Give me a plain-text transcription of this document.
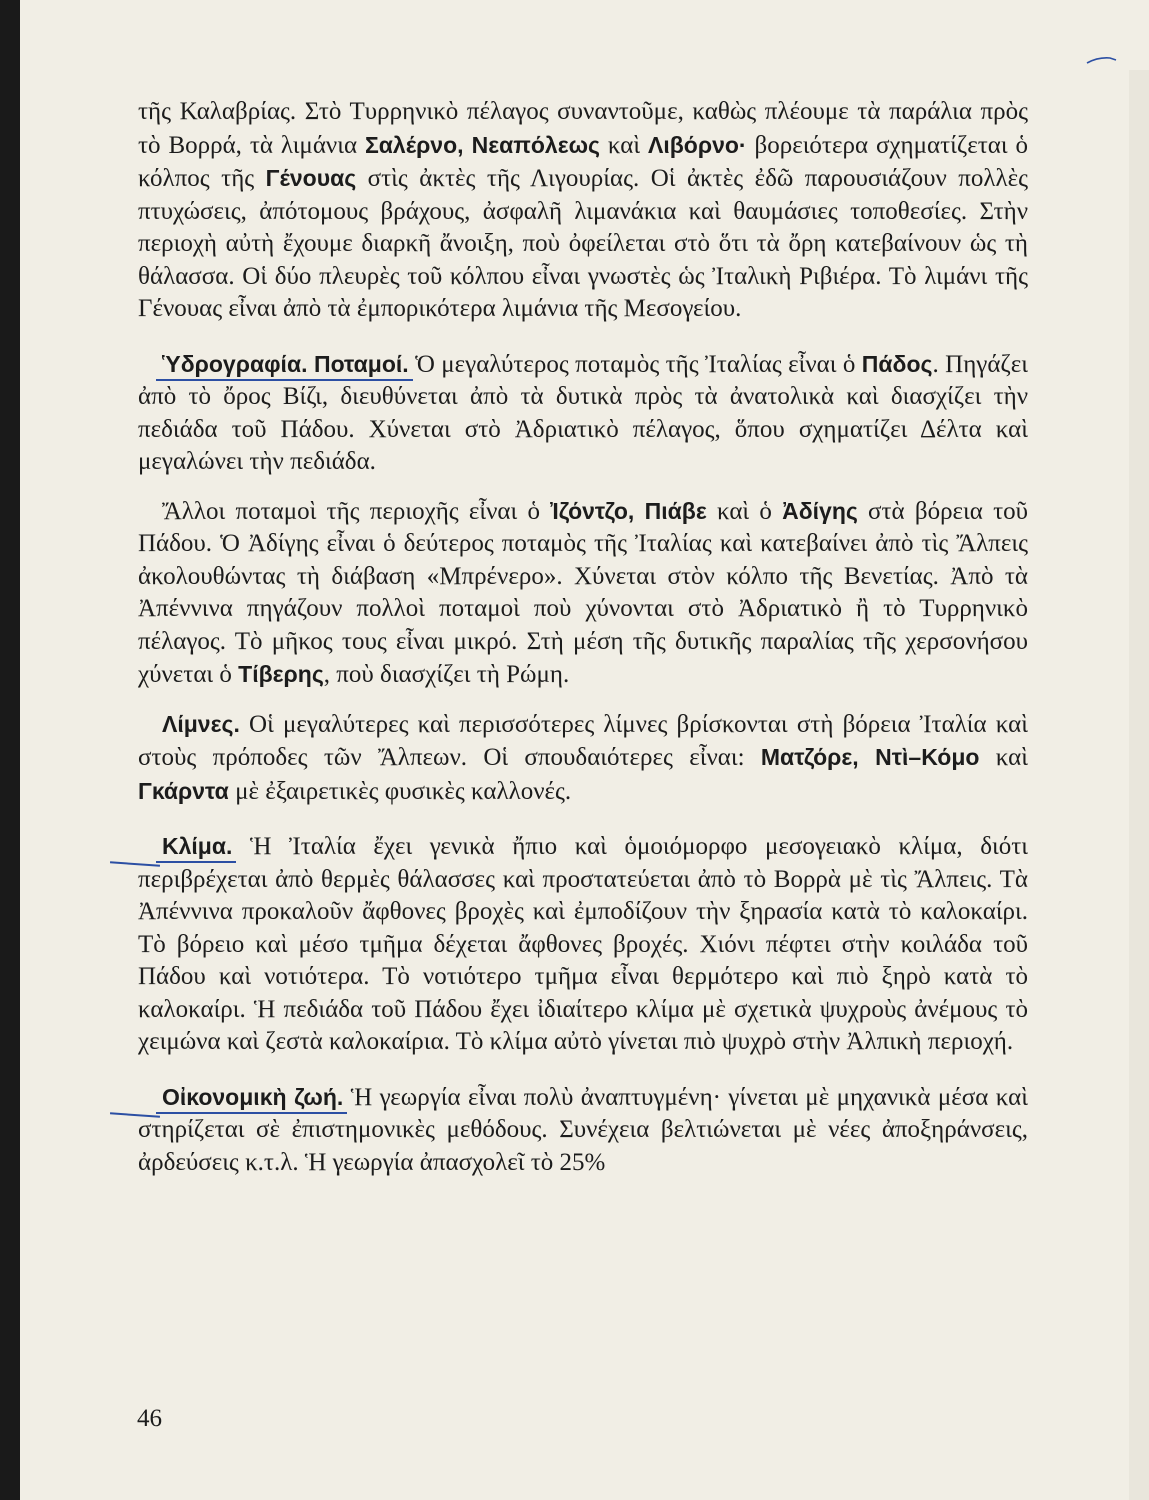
τῆς Καλαβρίας. Στὸ Τυρρηνικὸ πέλαγος συναντοῦμε, καθὼς πλέουμε τὰ παράλια πρὸς τὸ Βορρά, τὰ λιμάνια Σαλέρνο, Νεαπόλεως καὶ Λιβόρνο· βορειότερα σχηματίζεται ὁ κόλπος τῆς Γένουας στὶς ἀκτὲς τῆς Λιγουρίας. Οἱ ἀκτὲς ἐδῶ παρουσιάζουν πολλὲς πτυχώσεις, ἀπότομους βράχους, ἀσφαλῆ λιμανάκια καὶ θαυμάσιες τοποθεσίες. Στὴν περιοχὴ αὐτὴ ἔχουμε διαρκῆ ἄνοιξη, ποὺ ὀφείλεται στὸ ὅτι τὰ ὄρη κατεβαίνουν ὡς τὴ θάλασσα. Οἱ δύο πλευρὲς τοῦ κόλπου εἶναι γνωστὲς ὡς Ἰταλικὴ Ριβιέρα. Τὸ λιμάνι τῆς Γένουας εἶναι ἀπὸ τὰ ἐμπορικότερα λιμάνια τῆς Μεσογείου.

Ὑδρογραφία. Ποταμοί. Ὁ μεγαλύτερος ποταμὸς τῆς Ἰταλίας εἶναι ὁ Πάδος. Πηγάζει ἀπὸ τὸ ὄρος Βίζι, διευθύνεται ἀπὸ τὰ δυτικὰ πρὸς τὰ ἀνατολικὰ καὶ διασχίζει τὴν πεδιάδα τοῦ Πάδου. Χύνεται στὸ Ἀδριατικὸ πέλαγος, ὅπου σχηματίζει Δέλτα καὶ μεγαλώνει τὴν πεδιάδα.

Ἄλλοι ποταμοὶ τῆς περιοχῆς εἶναι ὁ Ἰζόντζο, Πιάβε καὶ ὁ Ἀδίγης στὰ βόρεια τοῦ Πάδου. Ὁ Ἀδίγης εἶναι ὁ δεύτερος ποταμὸς τῆς Ἰταλίας καὶ κατεβαίνει ἀπὸ τὶς Ἄλπεις ἀκολουθώντας τὴ διάβαση «Μπρένερο». Χύνεται στὸν κόλπο τῆς Βενετίας. Ἀπὸ τὰ Ἀπέννινα πηγάζουν πολλοὶ ποταμοὶ ποὺ χύνονται στὸ Ἀδριατικὸ ἢ τὸ Τυρρηνικὸ πέλαγος. Τὸ μῆκος τους εἶναι μικρό. Στὴ μέση τῆς δυτικῆς παραλίας τῆς χερσονήσου χύνεται ὁ Τίβερης, ποὺ διασχίζει τὴ Ρώμη.

Λίμνες. Οἱ μεγαλύτερες καὶ περισσότερες λίμνες βρίσκονται στὴ βόρεια Ἰταλία καὶ στοὺς πρόποδες τῶν Ἄλπεων. Οἱ σπουδαιότερες εἶναι: Ματζόρε, Ντὶ–Κόμο καὶ Γκάρντα μὲ ἐξαιρετικὲς φυσικὲς καλλονές.

Κλίμα. Ἡ Ἰταλία ἔχει γενικὰ ἤπιο καὶ ὁμοιόμορφο μεσογειακὸ κλίμα, διότι περιβρέχεται ἀπὸ θερμὲς θάλασσες καὶ προστατεύεται ἀπὸ τὸ Βορρὰ μὲ τὶς Ἄλπεις. Τὰ Ἀπέννινα προκαλοῦν ἄφθονες βροχὲς καὶ ἐμποδίζουν τὴν ξηρασία κατὰ τὸ καλοκαίρι. Τὸ βόρειο καὶ μέσο τμῆμα δέχεται ἄφθονες βροχές. Χιόνι πέφτει στὴν κοιλάδα τοῦ Πάδου καὶ νοτιότερα. Τὸ νοτιότερο τμῆμα εἶναι θερμότερο καὶ πιὸ ξηρὸ κατὰ τὸ καλοκαίρι. Ἡ πεδιάδα τοῦ Πάδου ἔχει ἰδιαίτερο κλίμα μὲ σχετικὰ ψυχροὺς ἀνέμους τὸ χειμώνα καὶ ζεστὰ καλοκαίρια. Τὸ κλίμα αὐτὸ γίνεται πιὸ ψυχρὸ στὴν Ἀλπικὴ περιοχή.

Οἰκονομικὴ ζωή. Ἡ γεωργία εἶναι πολὺ ἀναπτυγμένη· γίνεται μὲ μηχανικὰ μέσα καὶ στηρίζεται σὲ ἐπιστημονικὲς μεθόδους. Συνέχεια βελτιώνεται μὲ νέες ἀποξηράνσεις, ἀρδεύσεις κ.τ.λ. Ἡ γεωργία ἀπασχολεῖ τὸ 25%

46
